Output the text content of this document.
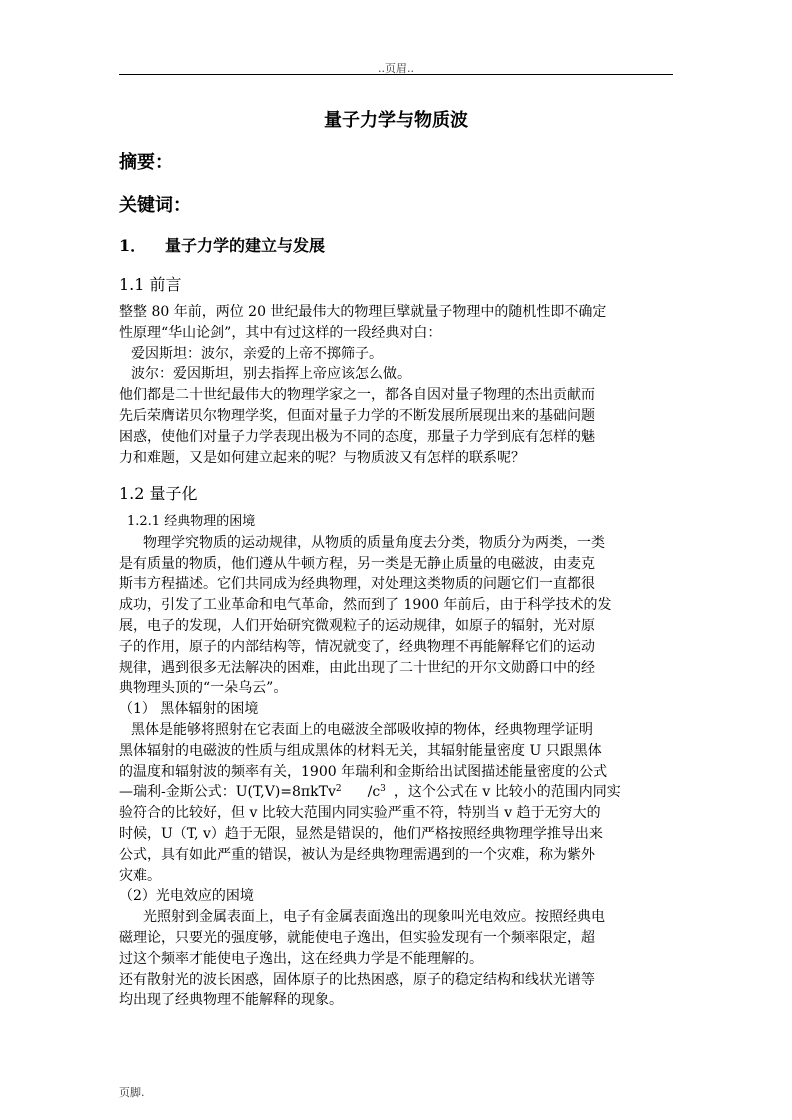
..页眉..
量子力学与物质波
摘要：
关键词：
1． 量子力学的建立与发展
1.1 前言

整整 80 年前，两位 20 世纪最伟大的物理巨擘就量子物理中的随机性即不确定

性原理“华山论剑”，其中有过这样的一段经典对白：

爱因斯坦：波尔，亲爱的上帝不掷筛子。

波尔：爱因斯坦，别去指挥上帝应该怎么做。

他们都是二十世纪最伟大的物理学家之一，都各自因对量子物理的杰出贡献而

先后荣膺诺贝尔物理学奖，但面对量子力学的不断发展所展现出来的基础问题

困惑，使他们对量子力学表现出极为不同的态度，那量子力学到底有怎样的魅

力和难题，又是如何建立起来的呢？与物质波又有怎样的联系呢？

1.2 量子化

1.2.1 经典物理的困境

物理学究物质的运动规律，从物质的质量角度去分类，物质分为两类，一类

是有质量的物质，他们遵从牛顿方程，另一类是无静止质量的电磁波，由麦克

斯韦方程描述。它们共同成为经典物理，对处理这类物质的问题它们一直都很

成功，引发了工业革命和电气革命，然而到了 1900 年前后，由于科学技术的发

展，电子的发现，人们开始研究微观粒子的运动规律，如原子的辐射，光对原

子的作用，原子的内部结构等，情况就变了，经典物理不再能解释它们的运动

规律，遇到很多无法解决的困难，由此出现了二十世纪的开尔文勋爵口中的经

典物理头顶的“一朵乌云”。

（1） 黑体辐射的困境

黑体是能够将照射在它表面上的电磁波全部吸收掉的物体，经典物理学证明

黑体辐射的电磁波的性质与组成黑体的材料无关，其辐射能量密度 U 只跟黑体

的温度和辐射波的频率有关，1900 年瑞利和金斯给出试图描述能量密度的公式

—瑞利-金斯公式：U(T,V)=8πkTv$^2$ $/c^3$ ，这个公式在 v 比较小的范围内同实

验符合的比较好，但 v 比较大范围内同实验严重不符，特别当 v 趋于无穷大的

时候，U（T, v）趋于无限，显然是错误的，他们严格按照经典物理学推导出来

公式，具有如此严重的错误，被认为是经典物理需遇到的一个灾难，称为紫外

灾难。

（2）光电效应的困境

光照射到金属表面上，电子有金属表面逸出的现象叫光电效应。按照经典电

磁理论，只要光的强度够，就能使电子逸出，但实验发现有一个频率限定，超

过这个频率才能使电子逸出，这在经典力学是不能理解的。

还有散射光的波长困惑，固体原子的比热困惑，原子的稳定结构和线状光谱等

均出现了经典物理不能解释的现象。

页脚.
